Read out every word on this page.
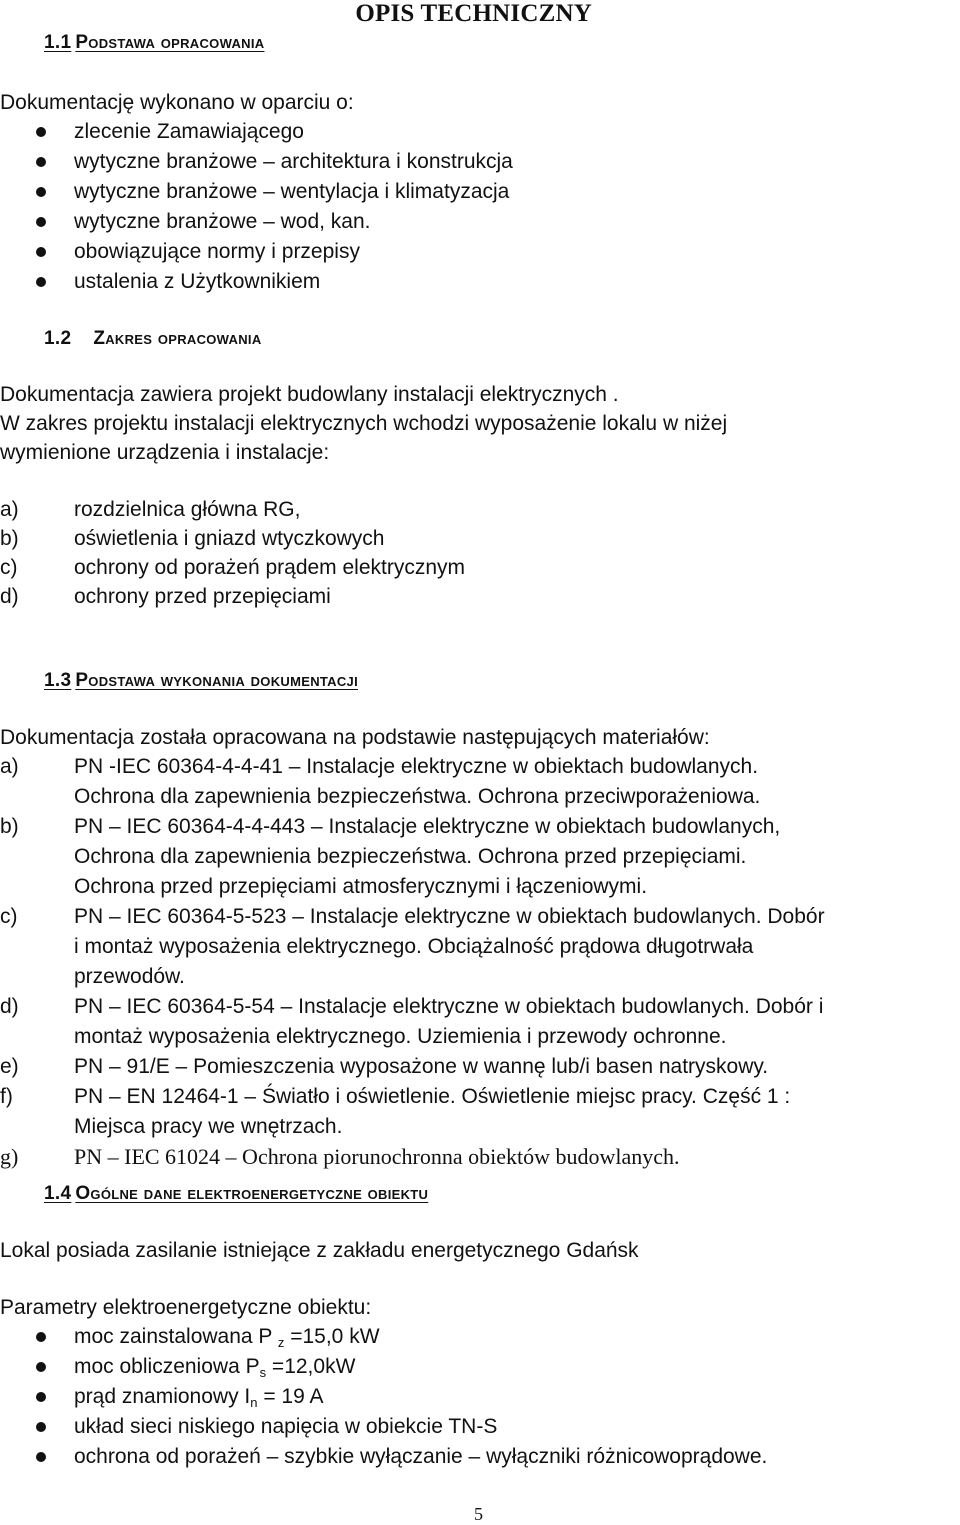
OPIS TECHNICZNY
1.1 Podstawa opracowania

Dokumentację wykonano w oparciu o:

zlecenie Zamawiającego
wytyczne branżowe – architektura i konstrukcja
wytyczne branżowe – wentylacja i klimatyzacja
wytyczne branżowe – wod, kan.
obowiązujące normy i przepisy
ustalenia z Użytkownikiem
1.2 Zakres opracowania

Dokumentacja zawiera projekt budowlany instalacji elektrycznych .

W zakres projektu instalacji elektrycznych wchodzi wyposażenie lokalu w niżej

wymienione urządzenia i instalacje:

a)	rozdzielnica główna RG,
b)	oświetlenia i gniazd wtyczkowych
c)	ochrony od porażeń prądem elektrycznym
d)	ochrony przed przepięciami
1.3 Podstawa wykonania dokumentacji

Dokumentacja została opracowana na podstawie następujących materiałów:

a)	PN -IEC 60364-4-4-41 – Instalacje elektryczne w obiektach budowlanych.
Ochrona dla zapewnienia bezpieczeństwa. Ochrona przeciwporażeniowa.
b)	PN – IEC 60364-4-4-443 – Instalacje elektryczne w obiektach budowlanych,
Ochrona dla zapewnienia bezpieczeństwa. Ochrona przed przepięciami.
Ochrona przed przepięciami atmosferycznymi i łączeniowymi.
c)	PN – IEC 60364-5-523 – Instalacje elektryczne w obiektach budowlanych. Dobór
i montaż wyposażenia elektrycznego. Obciążalność prądowa długotrwała
przewodów.
d)	PN – IEC 60364-5-54 – Instalacje elektryczne w obiektach budowlanych. Dobór i
montaż wyposażenia elektrycznego. Uziemienia i przewody ochronne.
e)	PN – 91/E – Pomieszczenia wyposażone w wannę lub/i basen natryskowy.
f)	PN – EN 12464-1 – Światło i oświetlenie. Oświetlenie miejsc pracy. Część 1 :
Miejsca pracy we wnętrzach.
g)	PN – IEC 61024 – Ochrona piorunochronna obiektów budowlanych.
1.4 Ogólne dane elektroenergetyczne obiektu

Lokal posiada zasilanie istniejące z zakładu energetycznego Gdańsk

Parametry elektroenergetyczne obiektu:

moc zainstalowana P $_z$ =15,0 kW
moc obliczeniowa $P_s =12,0kW$
prąd znamionowy $I_n = 19$ A
układ sieci niskiego napięcia w obiekcie TN-S
ochrona od porażeń – szybkie wyłączanie – wyłączniki różnicowoprądowe.

5
